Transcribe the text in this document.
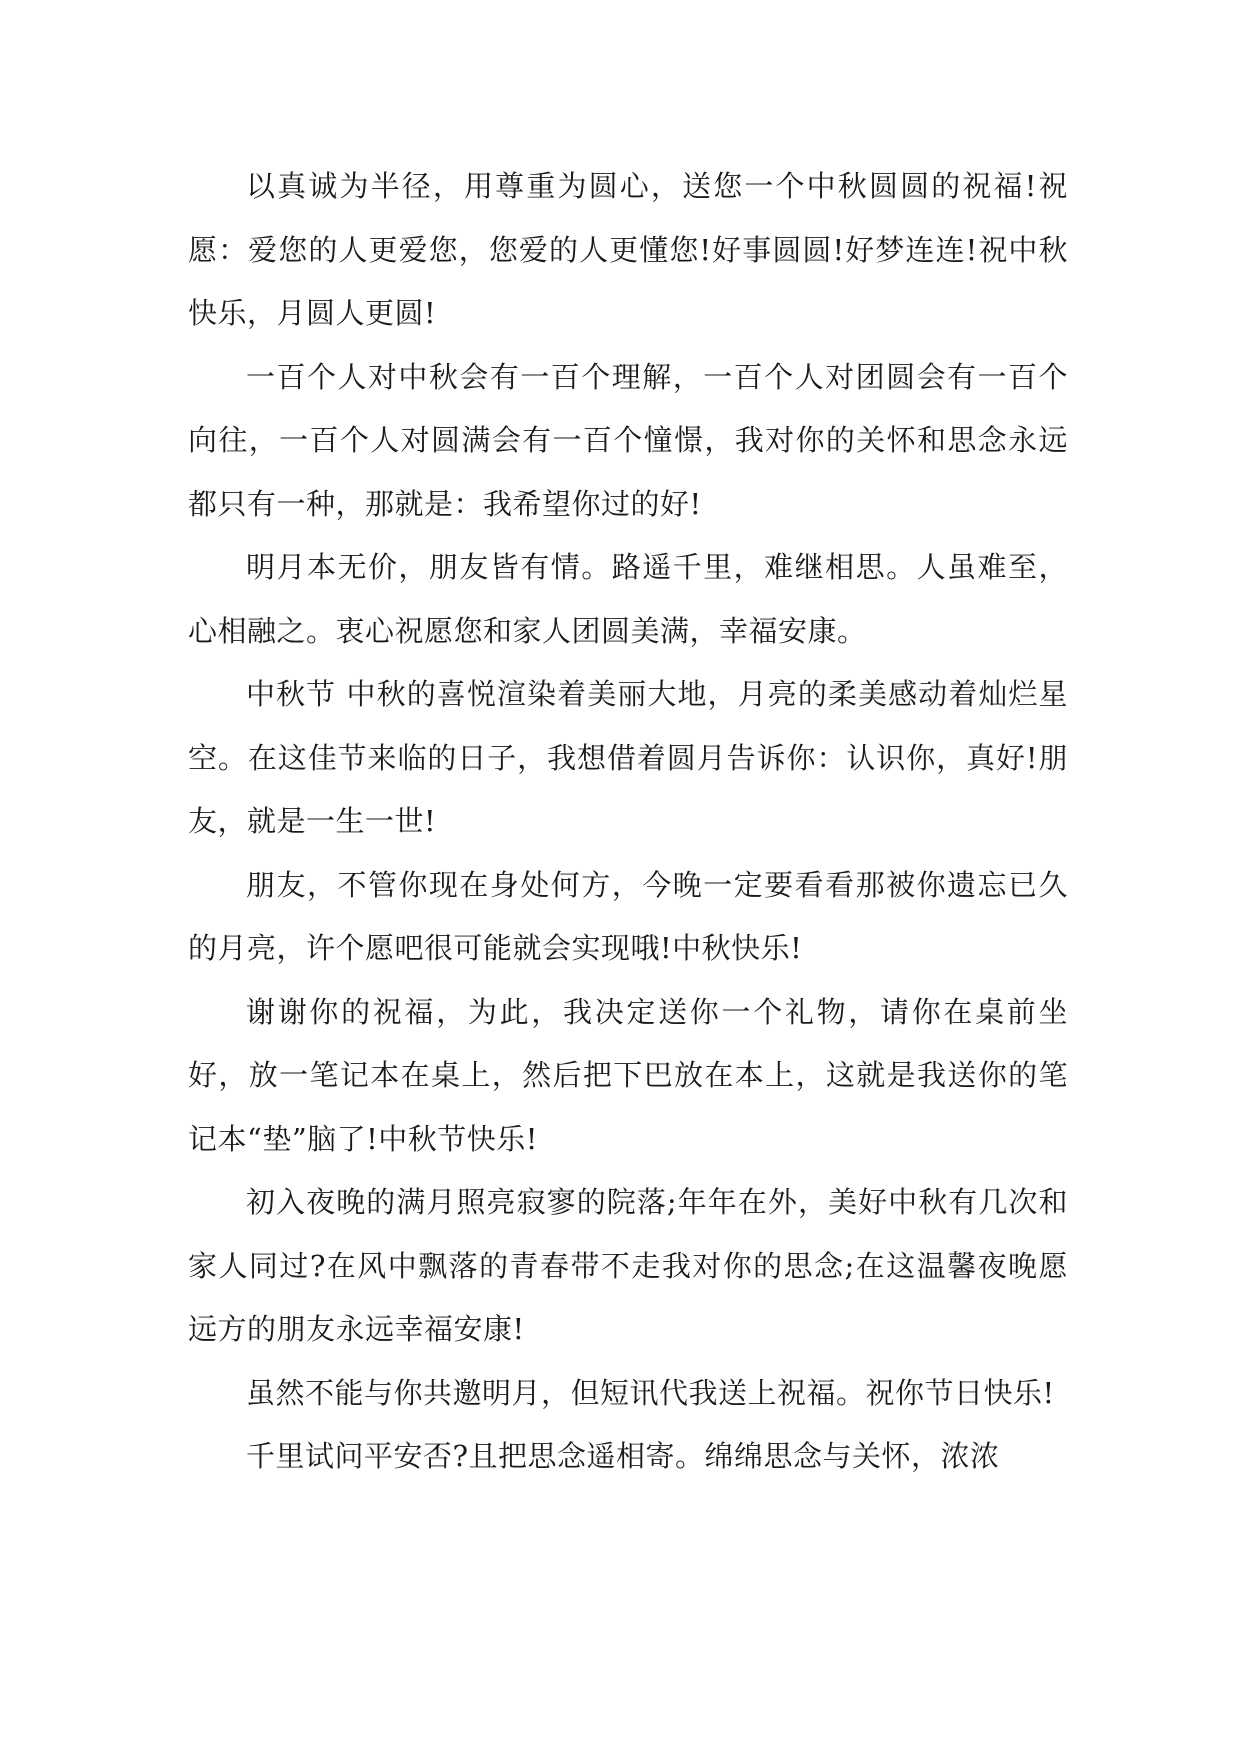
以真诚为半径，用尊重为圆心，送您一个中秋圆圆的祝福!祝愿：爱您的人更爱您，您爱的人更懂您!好事圆圆!好梦连连!祝中秋快乐，月圆人更圆!

一百个人对中秋会有一百个理解，一百个人对团圆会有一百个向往，一百个人对圆满会有一百个憧憬，我对你的关怀和思念永远都只有一种，那就是：我希望你过的好!

明月本无价，朋友皆有情。路遥千里，难继相思。人虽难至，心相融之。衷心祝愿您和家人团圆美满，幸福安康。

中秋节 中秋的喜悦渲染着美丽大地，月亮的柔美感动着灿烂星空。在这佳节来临的日子，我想借着圆月告诉你：认识你，真好!朋友，就是一生一世!

朋友，不管你现在身处何方，今晚一定要看看那被你遗忘已久的月亮，许个愿吧很可能就会实现哦!中秋快乐!

谢谢你的祝福，为此，我决定送你一个礼物，请你在桌前坐好，放一笔记本在桌上，然后把下巴放在本上，这就是我送你的笔记本“垫”脑了!中秋节快乐!

初入夜晚的满月照亮寂寥的院落;年年在外，美好中秋有几次和家人同过?在风中飘落的青春带不走我对你的思念;在这温馨夜晚愿远方的朋友永远幸福安康!

虽然不能与你共邀明月，但短讯代我送上祝福。祝你节日快乐!

千里试问平安否?且把思念遥相寄。绵绵思念与关怀，浓浓
